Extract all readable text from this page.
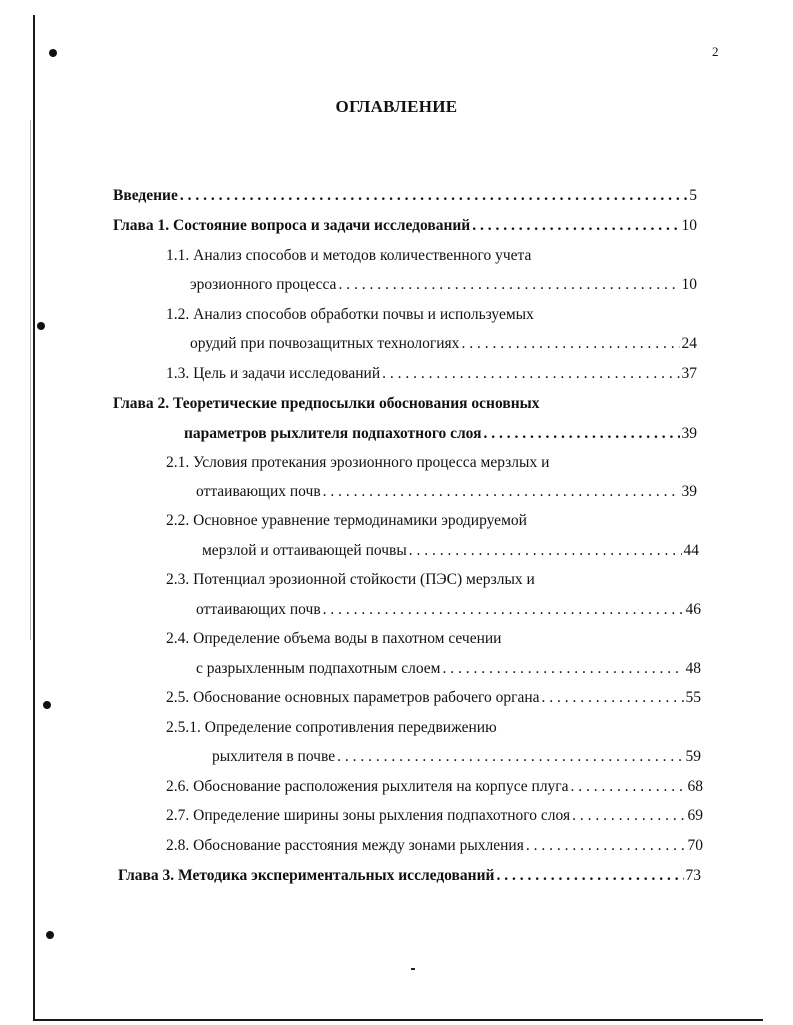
2
ОГЛАВЛЕНИЕ
Введение . . .	5
Глава 1. Состояние вопроса и задачи исследований . . .	10
1.1. Анализ способов и методов количественного учета
эрозионного процесса . . .	10
1.2. Анализ способов обработки почвы и используемых
орудий при почвозащитных технологиях . . .	24
1.3. Цель и задачи исследований . . .	37
Глава 2. Теоретические предпосылки обоснования основных
параметров рыхлителя подпахотного слоя . . .	39
2.1. Условия протекания эрозионного процесса мерзлых и
оттаивающих почв . . .	39
2.2. Основное уравнение термодинамики эродируемой
мерзлой и оттаивающей почвы . . .	44
2.3. Потенциал эрозионной стойкости (ПЭС) мерзлых и
оттаивающих почв . . .	46
2.4. Определение объема воды в пахотном сечении
с разрыхленным подпахотным слоем . . .	48
2.5. Обоснование основных параметров рабочего органа . . .	55
2.5.1. Определение сопротивления передвижению
рыхлителя в почве . . .	59
2.6. Обоснование расположения рыхлителя на корпусе плуга . . .	68
2.7. Определение ширины зоны рыхления подпахотного слоя . . .	69
2.8. Обоснование расстояния между зонами рыхления . . .	70
Глава 3. Методика экспериментальных исследований . . .	73
